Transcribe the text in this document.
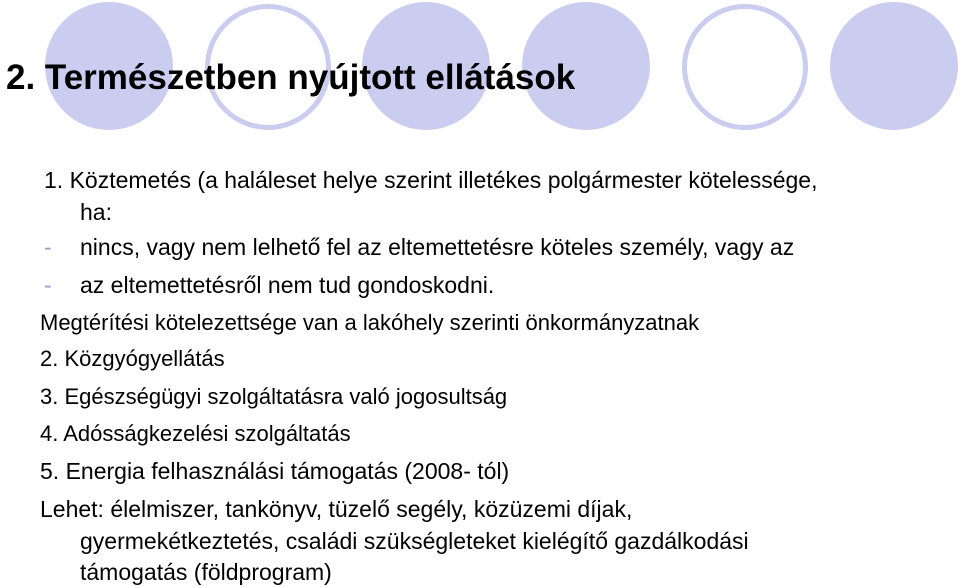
2. Természetben nyújtott ellátások
1. Köztemetés (a haláleset helye szerint illetékes polgármester kötelessége,
ha:
- nincs, vagy nem lelhető fel az eltemettetésre köteles személy, vagy az
- az eltemettetésről nem tud gondoskodni.
Megtérítési kötelezettsége van a lakóhely szerinti önkormányzatnak
2. Közgyógyellátás
3. Egészségügyi szolgáltatásra való jogosultság
4. Adósságkezelési szolgáltatás
5. Energia felhasználási támogatás (2008- tól)
Lehet: élelmiszer, tankönyv, tüzelő segély, közüzemi díjak,
gyermekétkeztetés, családi szükségleteket kielégítő gazdálkodási
támogatás (földprogram)
